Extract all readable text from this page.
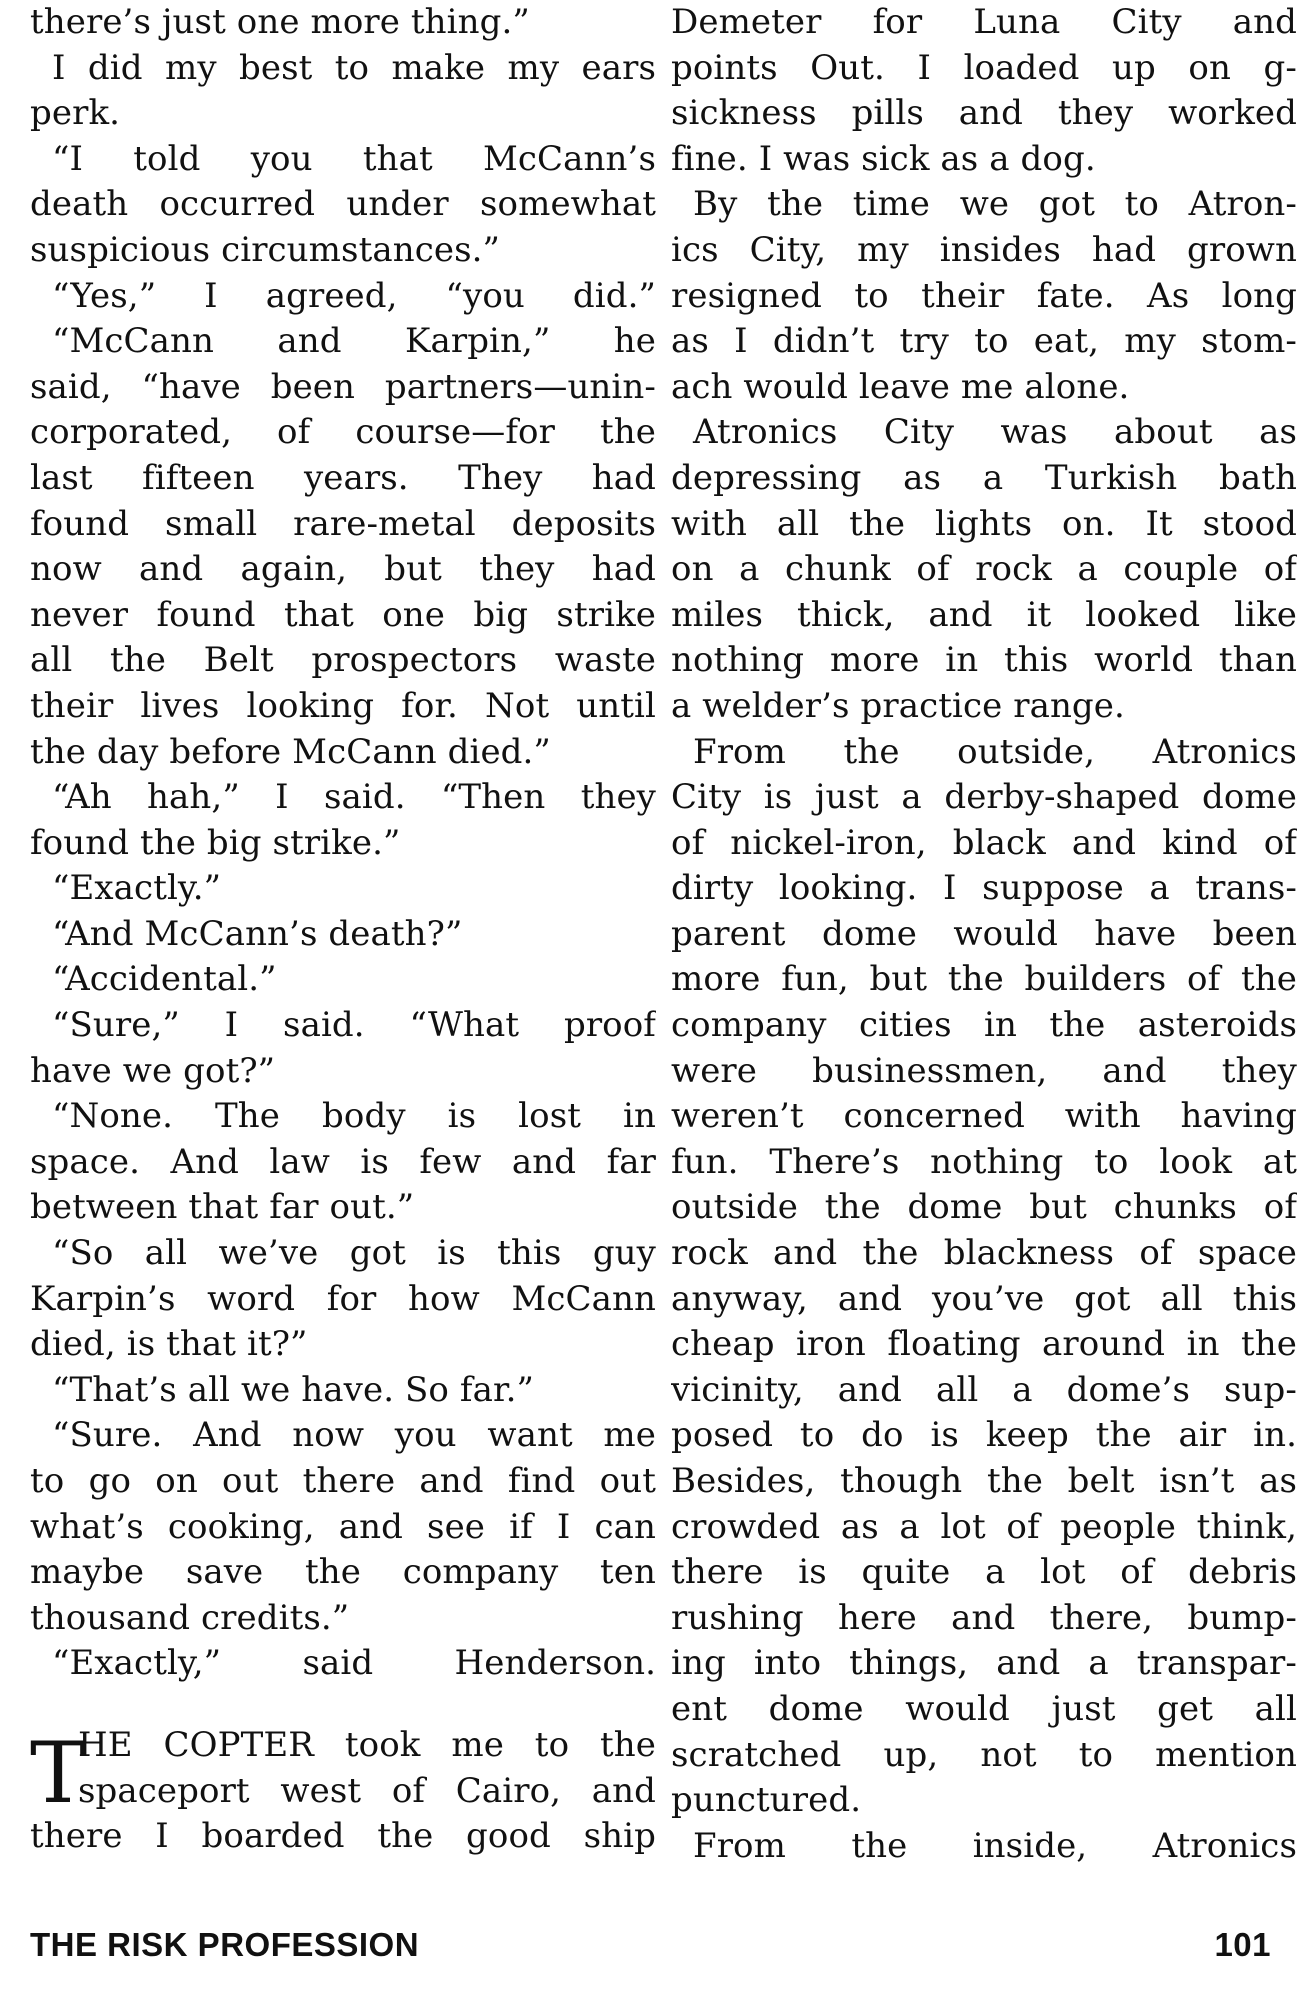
there’s just one more thing.”
I did my best to make my ears
perk.
“I told you that McCann’s
death occurred under somewhat
suspicious circumstances.”
“Yes,” I agreed, “you did.”
“McCann and Karpin,” he
said, “have been partners—unin-
corporated, of course—for the
last fifteen years. They had
found small rare-metal deposits
now and again, but they had
never found that one big strike
all the Belt prospectors waste
their lives looking for. Not until
the day before McCann died.”
“Ah hah,” I said. “Then they
found the big strike.”
“Exactly.”
“And McCann’s death?”
“Accidental.”
“Sure,” I said. “What proof
have we got?”
“None. The body is lost in
space. And law is few and far
between that far out.”
“So all we’ve got is this guy
Karpin’s word for how McCann
died, is that it?”
“That’s all we have. So far.”
“Sure. And now you want me
to go on out there and find out
what’s cooking, and see if I can
maybe save the company ten
thousand credits.”
“Exactly,” said Henderson.
T
HE COPTER took me to the
spaceport west of Cairo, and
there I boarded the good ship
Demeter for Luna City and
points Out. I loaded up on g-
sickness pills and they worked
fine. I was sick as a dog.
By the time we got to Atron-
ics City, my insides had grown
resigned to their fate. As long
as I didn’t try to eat, my stom-
ach would leave me alone.
Atronics City was about as
depressing as a Turkish bath
with all the lights on. It stood
on a chunk of rock a couple of
miles thick, and it looked like
nothing more in this world than
a welder’s practice range.
From the outside, Atronics
City is just a derby-shaped dome
of nickel-iron, black and kind of
dirty looking. I suppose a trans-
parent dome would have been
more fun, but the builders of the
company cities in the asteroids
were businessmen, and they
weren’t concerned with having
fun. There’s nothing to look at
outside the dome but chunks of
rock and the blackness of space
anyway, and you’ve got all this
cheap iron floating around in the
vicinity, and all a dome’s sup-
posed to do is keep the air in.
Besides, though the belt isn’t as
crowded as a lot of people think,
there is quite a lot of debris
rushing here and there, bump-
ing into things, and a transpar-
ent dome would just get all
scratched up, not to mention
punctured.
From the inside, Atronics
THE RISK PROFESSION	101
